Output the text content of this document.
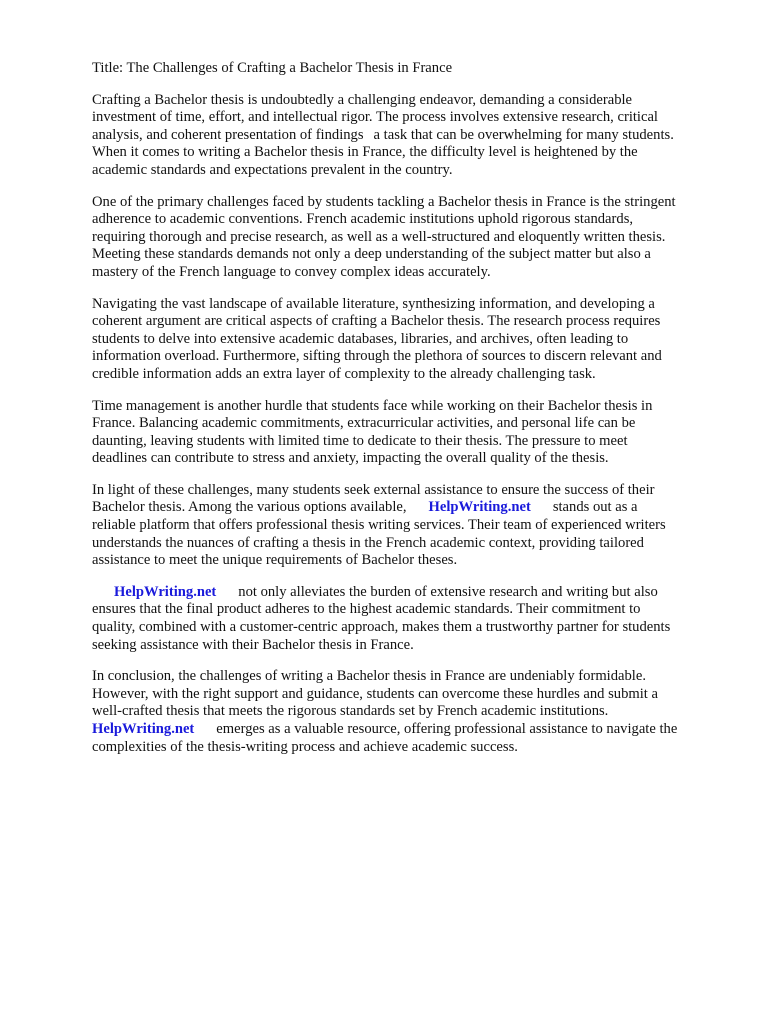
Title: The Challenges of Crafting a Bachelor Thesis in France

Crafting a Bachelor thesis is undoubtedly a challenging endeavor, demanding a considerable
investment of time, effort, and intellectual rigor. The process involves extensive research, critical
analysis, and coherent presentation of findings a task that can be overwhelming for many students.
When it comes to writing a Bachelor thesis in France, the difficulty level is heightened by the
academic standards and expectations prevalent in the country.
One of the primary challenges faced by students tackling a Bachelor thesis in France is the stringent
adherence to academic conventions. French academic institutions uphold rigorous standards,
requiring thorough and precise research, as well as a well-structured and eloquently written thesis.
Meeting these standards demands not only a deep understanding of the subject matter but also a
mastery of the French language to convey complex ideas accurately.
Navigating the vast landscape of available literature, synthesizing information, and developing a
coherent argument are critical aspects of crafting a Bachelor thesis. The research process requires
students to delve into extensive academic databases, libraries, and archives, often leading to
information overload. Furthermore, sifting through the plethora of sources to discern relevant and
credible information adds an extra layer of complexity to the already challenging task.
Time management is another hurdle that students face while working on their Bachelor thesis in
France. Balancing academic commitments, extracurricular activities, and personal life can be
daunting, leaving students with limited time to dedicate to their thesis. The pressure to meet
deadlines can contribute to stress and anxiety, impacting the overall quality of the thesis.
In light of these challenges, many students seek external assistance to ensure the success of their
Bachelor thesis. Among the various options available, HelpWriting.net stands out as a
reliable platform that offers professional thesis writing services. Their team of experienced writers
understands the nuances of crafting a thesis in the French academic context, providing tailored
assistance to meet the unique requirements of Bachelor theses.
HelpWriting.net not only alleviates the burden of extensive research and writing but also
ensures that the final product adheres to the highest academic standards. Their commitment to
quality, combined with a customer-centric approach, makes them a trustworthy partner for students
seeking assistance with their Bachelor thesis in France.
In conclusion, the challenges of writing a Bachelor thesis in France are undeniably formidable.
However, with the right support and guidance, students can overcome these hurdles and submit a
well-crafted thesis that meets the rigorous standards set by French academic institutions.
HelpWriting.net emerges as a valuable resource, offering professional assistance to navigate the
complexities of the thesis-writing process and achieve academic success.
